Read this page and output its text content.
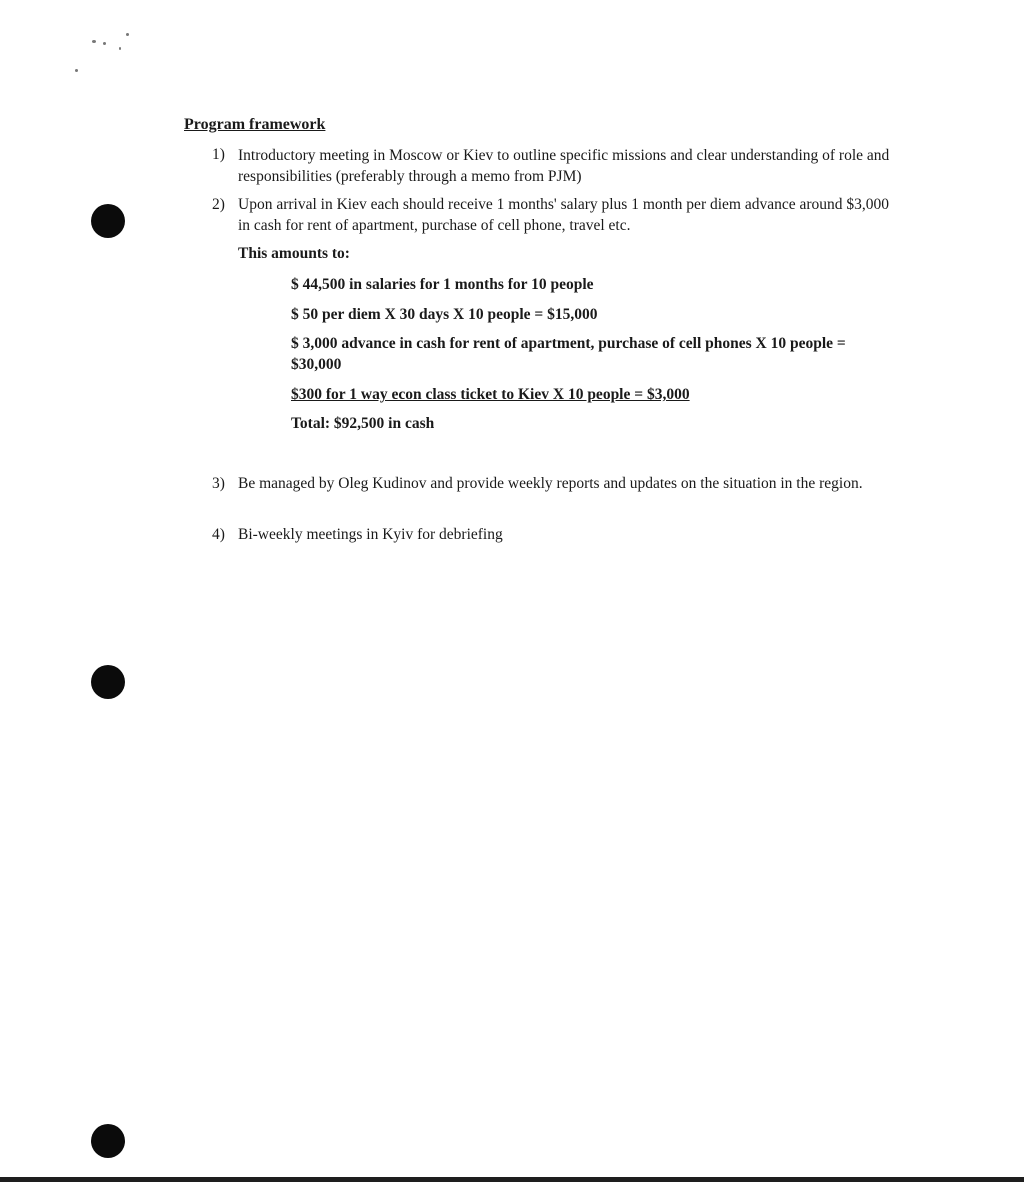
Program framework
1) Introductory meeting in Moscow or Kiev to outline specific missions and clear understanding of role and responsibilities (preferably through a memo from PJM)
2) Upon arrival in Kiev each should receive 1 months' salary plus 1 month per diem advance around $3,000 in cash for rent of apartment, purchase of cell phone, travel etc.
This amounts to:
$ 44,500 in salaries for 1 months for 10 people
$ 50 per diem X 30 days X 10 people = $15,000
$ 3,000 advance in cash for rent of apartment, purchase of cell phones X 10 people = $30,000
$300 for 1 way econ class ticket to Kiev X 10 people = $3,000
Total: $92,500 in cash
3) Be managed by Oleg Kudinov and provide weekly reports and updates on the situation in the region.
4) Bi-weekly meetings in Kyiv for debriefing
